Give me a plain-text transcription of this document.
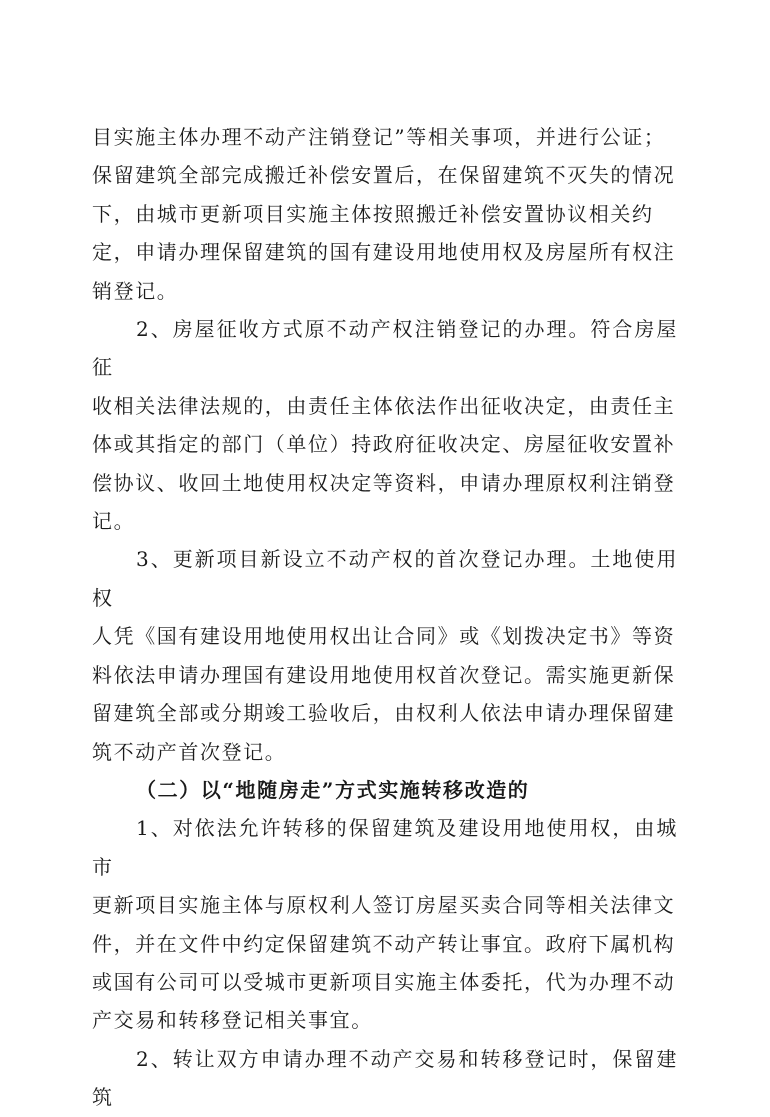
目实施主体办理不动产注销登记”等相关事项，并进行公证；
保留建筑全部完成搬迁补偿安置后，在保留建筑不灭失的情况
下，由城市更新项目实施主体按照搬迁补偿安置协议相关约
定，申请办理保留建筑的国有建设用地使用权及房屋所有权注
销登记。

2、房屋征收方式原不动产权注销登记的办理。符合房屋征
收相关法律法规的，由责任主体依法作出征收决定，由责任主
体或其指定的部门（单位）持政府征收决定、房屋征收安置补
偿协议、收回土地使用权决定等资料，申请办理原权利注销登
记。

3、更新项目新设立不动产权的首次登记办理。土地使用权
人凭《国有建设用地使用权出让合同》或《划拨决定书》等资
料依法申请办理国有建设用地使用权首次登记。需实施更新保
留建筑全部或分期竣工验收后，由权利人依法申请办理保留建
筑不动产首次登记。

（二）以“地随房走”方式实施转移改造的

1、对依法允许转移的保留建筑及建设用地使用权，由城市
更新项目实施主体与原权利人签订房屋买卖合同等相关法律文
件，并在文件中约定保留建筑不动产转让事宜。政府下属机构
或国有公司可以受城市更新项目实施主体委托，代为办理不动
产交易和转移登记相关事宜。

2、转让双方申请办理不动产交易和转移登记时，保留建筑
